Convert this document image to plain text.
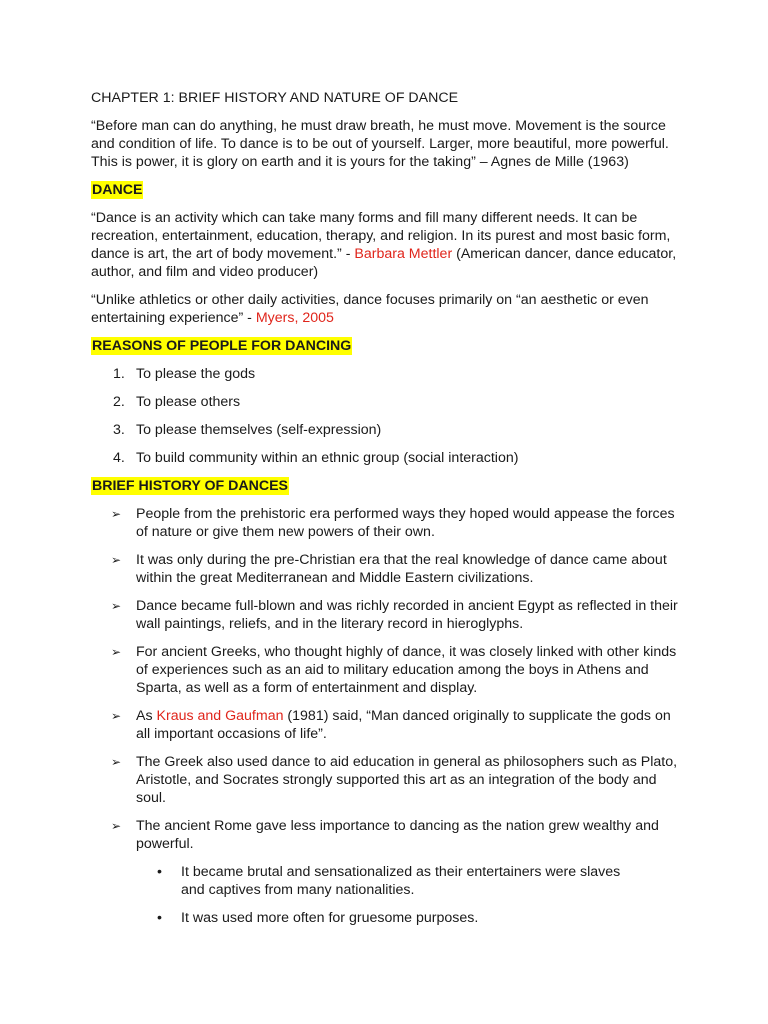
CHAPTER 1: BRIEF HISTORY AND NATURE OF DANCE

“Before man can do anything, he must draw breath, he must move. Movement is the source and condition of life. To dance is to be out of yourself. Larger, more beautiful, more powerful. This is power, it is glory on earth and it is yours for the taking” – Agnes de Mille (1963)

DANCE

“Dance is an activity which can take many forms and fill many different needs. It can be recreation, entertainment, education, therapy, and religion. In its purest and most basic form, dance is art, the art of body movement.” - Barbara Mettler (American dancer, dance educator, author, and film and video producer)

“Unlike athletics or other daily activities, dance focuses primarily on “an aesthetic or even entertaining experience” - Myers, 2005

REASONS OF PEOPLE FOR DANCING
1. To please the gods
2. To please others
3. To please themselves (self-expression)
4. To build community within an ethnic group (social interaction)
BRIEF HISTORY OF DANCES
➢ People from the prehistoric era performed ways they hoped would appease the forces of nature or give them new powers of their own.
➢ It was only during the pre-Christian era that the real knowledge of dance came about within the great Mediterranean and Middle Eastern civilizations.
➢ Dance became full-blown and was richly recorded in ancient Egypt as reflected in their wall paintings, reliefs, and in the literary record in hieroglyphs.
➢ For ancient Greeks, who thought highly of dance, it was closely linked with other kinds of experiences such as an aid to military education among the boys in Athens and Sparta, as well as a form of entertainment and display.
➢ As Kraus and Gaufman (1981) said, “Man danced originally to supplicate the gods on all important occasions of life”.
➢ The Greek also used dance to aid education in general as philosophers such as Plato, Aristotle, and Socrates strongly supported this art as an integration of the body and soul.
➢ The ancient Rome gave less importance to dancing as the nation grew wealthy and powerful.
• It became brutal and sensationalized as their entertainers were slaves and captives from many nationalities.
• It was used more often for gruesome purposes.
